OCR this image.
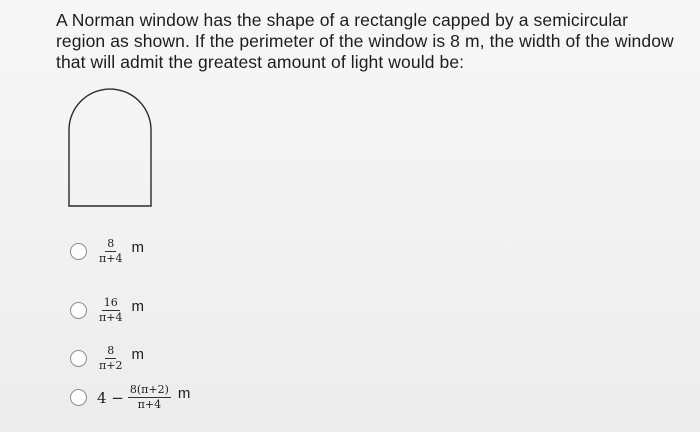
A Norman window has the shape of a rectangle capped by a semicircular region as shown. If the perimeter of the window is 8 m, the width of the window that will admit the greatest amount of light would be:

$\frac{8}{\pi+4}$ m
$\frac{16}{\pi+4}$ m
$\frac{8}{\pi+2}$ m
$4 - \frac{8(\pi+2)}{\pi+4}$ m
